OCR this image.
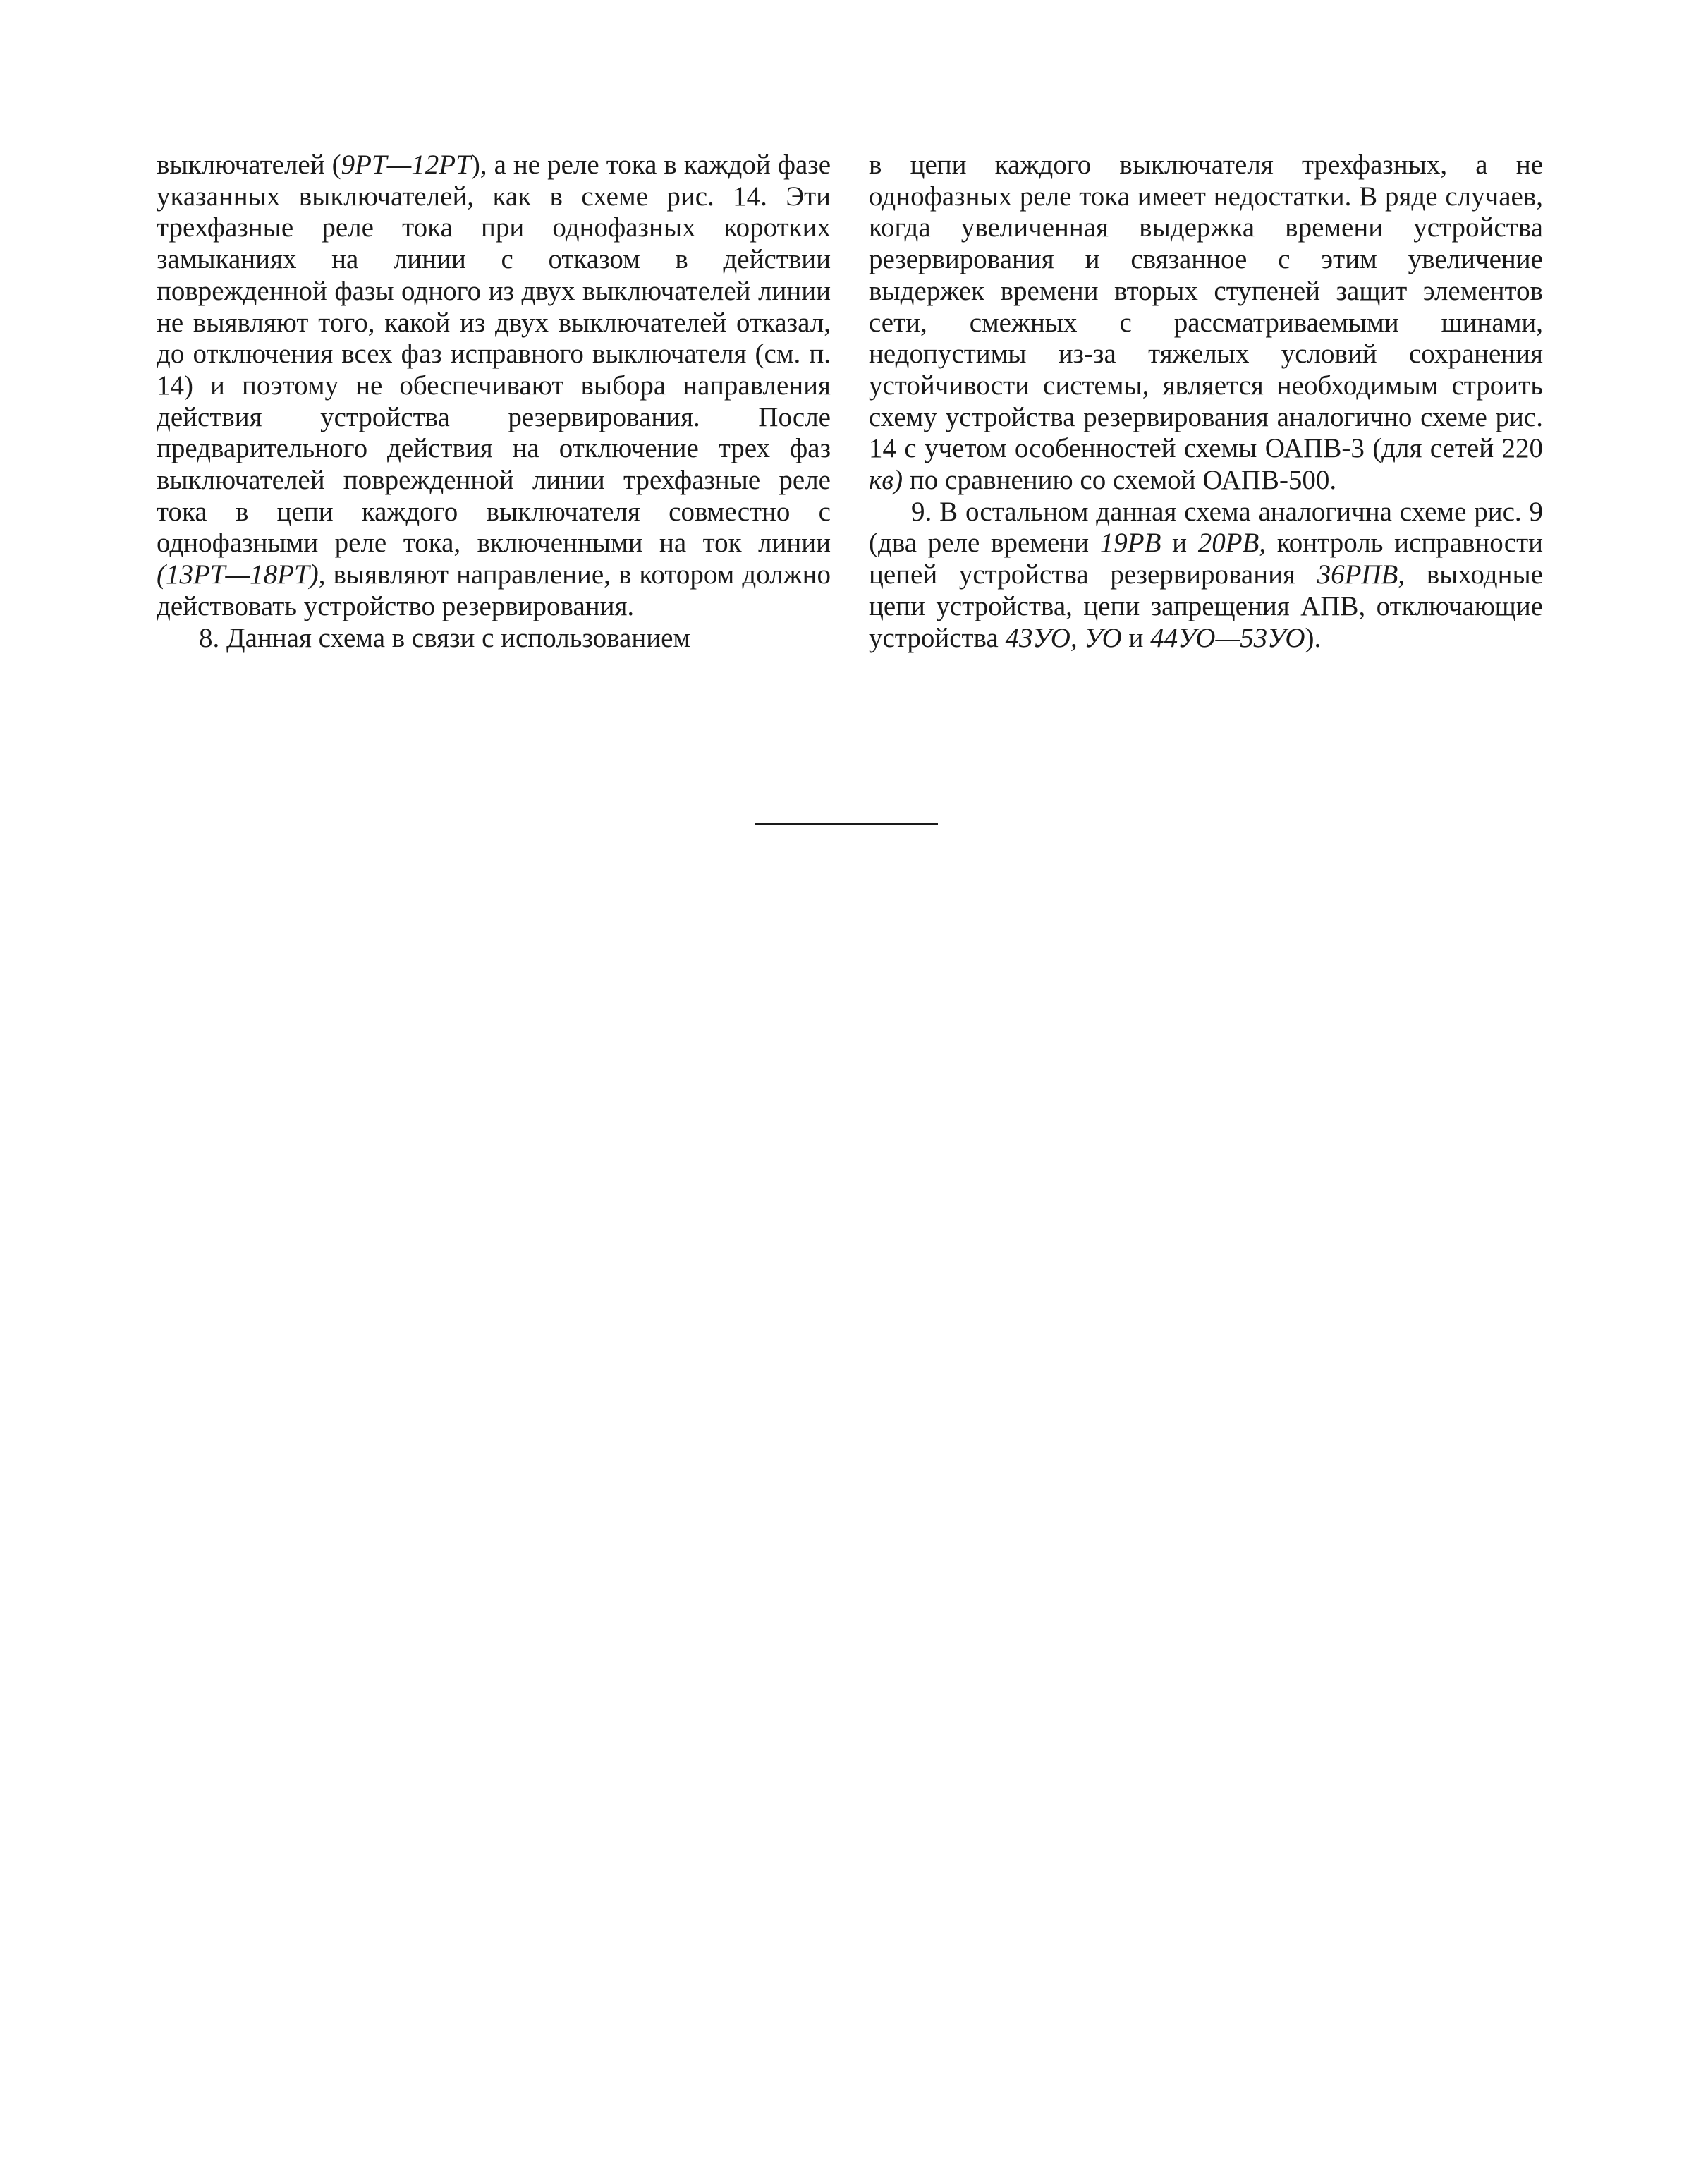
выключателей (9PT—12PT), а не реле тока в каждой фазе указанных выключателей, как в схеме рис. 14. Эти трехфазные реле тока при однофазных коротких замыканиях на линии с отказом в действии поврежденной фазы одного из двух выключателей линии не выявляют того, какой из двух выключателей отказал, до отключения всех фаз исправного выключателя (см. п. 14) и поэтому не обеспечивают выбора направления действия устройства резервирования. После предварительного действия на отключение трех фаз выключателей поврежденной линии трехфазные реле тока в цепи каждого выключателя совместно с однофазными реле тока, включенными на ток линии (13PT—18PT), выявляют направление, в котором должно действовать устройство резервирования.

8. Данная схема в связи с использованием

в цепи каждого выключателя трехфазных, а не однофазных реле тока имеет недостатки. В ряде случаев, когда увеличенная выдержка времени устройства резервирования и связанное с этим увеличение выдержек времени вторых ступеней защит элементов сети, смежных с рассматриваемыми шинами, недопустимы из-за тяжелых условий сохранения устойчивости системы, является необходимым строить схему устройства резервирования аналогично схеме рис. 14 с учетом особенностей схемы ОАПВ-3 (для сетей 220 кв) по сравнению со схемой ОАПВ-500.

9. В остальном данная схема аналогична схеме рис. 9 (два реле времени 19PB и 20PB, контроль исправности цепей устройства резервирования 36РПВ, выходные цепи устройства, цепи запрещения АПВ, отключающие устройства 43УО, УО и 44УО—53УО).
